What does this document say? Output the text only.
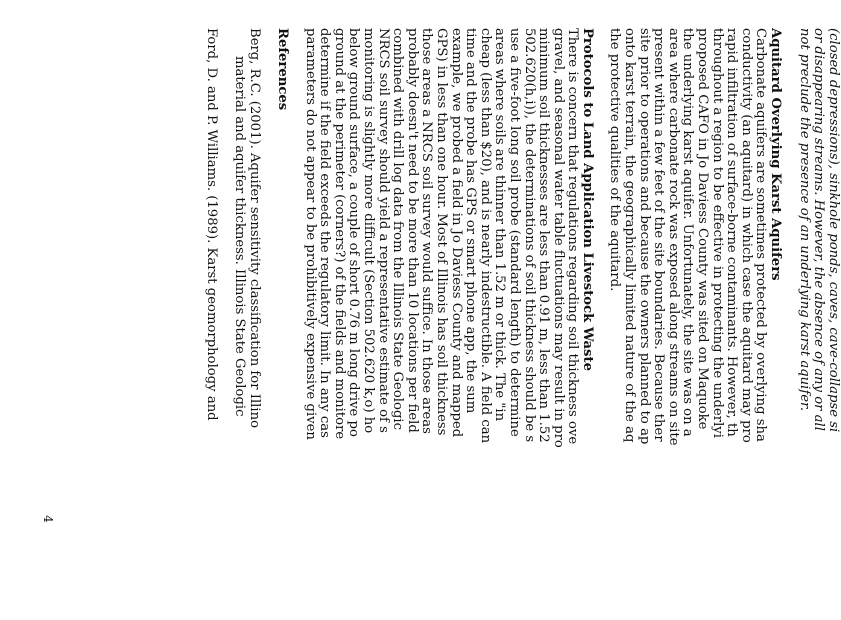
(closed depressions), sinkhole ponds, caves, cave-collapse si
or disappearing streams. However, the absence of any or all
not preclude the presence of an underlying karst aquifer.
Aquitard Overlying Karst Aquifers
Carbonate aquifers are sometimes protected by overlying sha
conductivity (an aquitard) in which case the aquitard may pro
rapid infiltration of surface-borne contaminants. However, th
throughout a region to be effective in protecting the underlyi
proposed CAFO in Jo Daviess County was sited on Maquoke
the underlying karst aquifer. Unfortunately, the site was on a
area where carbonate rock was exposed along streams on site
present within a few feet of the site boundaries. Because ther
site prior to operations and because the owners planned to ap
onto karst terrain, the geographically limited nature of the aq
the protective qualities of the aquitard.
Protocols to Land Application Livestock Waste
There is concern that regulations regarding soil thickness ove
gravel, and seasonal water table fluctuations may result in pro
minimum soil thicknesses are less than 0.91 m, less than 1.52
502.620(h,i)), the determinations of soil thickness should be s
use a five-foot long soil probe (standard length) to determine
areas where soils are thinner than 1.52 m or thick. The "in
cheap (less than $20), and is nearly indestructible. A field can
time and the probe has GPS or smart phone app, the sum
example, we probed a field in Jo Daviess County and mapped
GPS) in less than one hour. Most of Illinois has soil thickness
those areas a NRCS soil survey would suffice. In those areas
probably doesn't need to be more than 10 locations per field
combined with drill log data from the Illinois State Geologic
NRCS soil survey should yield a representative estimate of s
monitoring is slightly more difficult (Section 502.620 k,o) ho
below ground surface, a couple of short 0.76 m long drive po
ground at the perimeter (corners?) of the fields and monitore
determine if the field exceeds the regulatory limit. In any cas
parameters do not appear to be prohibitively expensive given
References
Berg, R.C. (2001). Aquifer sensitivity classification for Illino
material and aquifer thickness. Illinois State Geologic
Ford, D. and P. Williams. (1989). Karst geomorphology and
4
